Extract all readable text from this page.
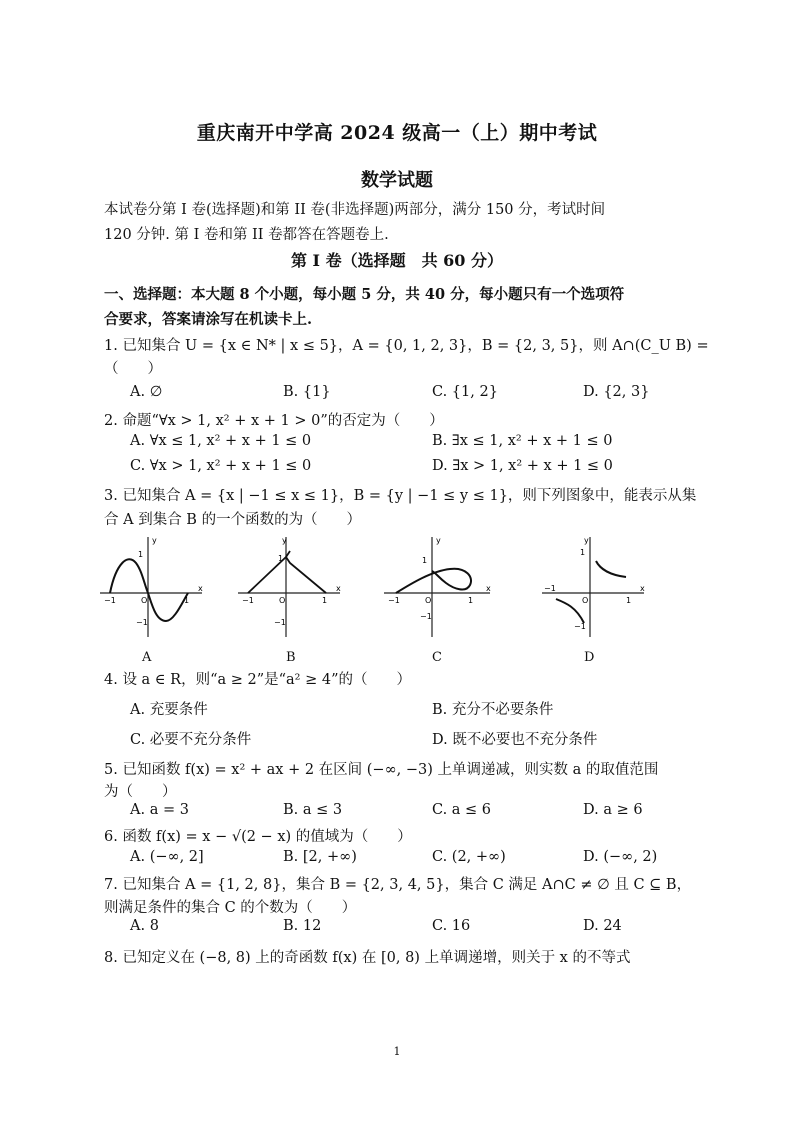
重庆南开中学高 2024 级高一（上）期中考试
数学试题
本试卷分第 I 卷(选择题)和第 II 卷(非选择题)两部分，满分 150 分，考试时间
120 分钟. 第 I 卷和第 II 卷都答在答题卷上.
第 I 卷（选择题　共 60 分）
一、选择题：本大题 8 个小题，每小题 5 分，共 40 分，每小题只有一个选项符
合要求，答案请涂写在机读卡上.
1. 已知集合 U = {x ∈ N* | x ≤ 5}，A = {0, 1, 2, 3}，B = {2, 3, 5}，则 A∩(C_U B) =
（　　）
A. ∅	B. {1}	C. {1, 2}	D. {2, 3}
2. 命题“∀x > 1, x² + x + 1 > 0”的否定为（　　）
A. ∀x ≤ 1, x² + x + 1 ≤ 0	B. ∃x ≤ 1, x² + x + 1 ≤ 0
C. ∀x > 1, x² + x + 1 ≤ 0	D. ∃x > 1, x² + x + 1 ≤ 0
3. 已知集合 A = {x | −1 ≤ x ≤ 1}，B = {y | −1 ≤ y ≤ 1}，则下列图象中，能表示从集
合 A 到集合 B 的一个函数的为（　　）
y
x
−1	O	1
1
−1
A
y
x
−1	O	1
1
−1
B
y
x
−1	O	1
1
−1
C
y
x
−1
O	1
1
−1
D
4. 设 a ∈ R，则“a ≥ 2”是“a² ≥ 4”的（　　）
A. 充要条件	B. 充分不必要条件
C. 必要不充分条件	D. 既不必要也不充分条件
5. 已知函数 f(x) = x² + ax + 2 在区间 (−∞, −3) 上单调递减，则实数 a 的取值范围
为（　　）
A. a = 3	B. a ≤ 3	C. a ≤ 6	D. a ≥ 6
6. 函数 f(x) = x − √(2 − x) 的值域为（　　）
A. (−∞, 2]	B. [2, +∞)	C. (2, +∞)	D. (−∞, 2)
7. 已知集合 A = {1, 2, 8}，集合 B = {2, 3, 4, 5}，集合 C 满足 A∩C ≠ ∅ 且 C ⊆ B，
则满足条件的集合 C 的个数为（　　）
A. 8	B. 12	C. 16	D. 24
8. 已知定义在 (−8, 8) 上的奇函数 f(x) 在 [0, 8) 上单调递增，则关于 x 的不等式
1
